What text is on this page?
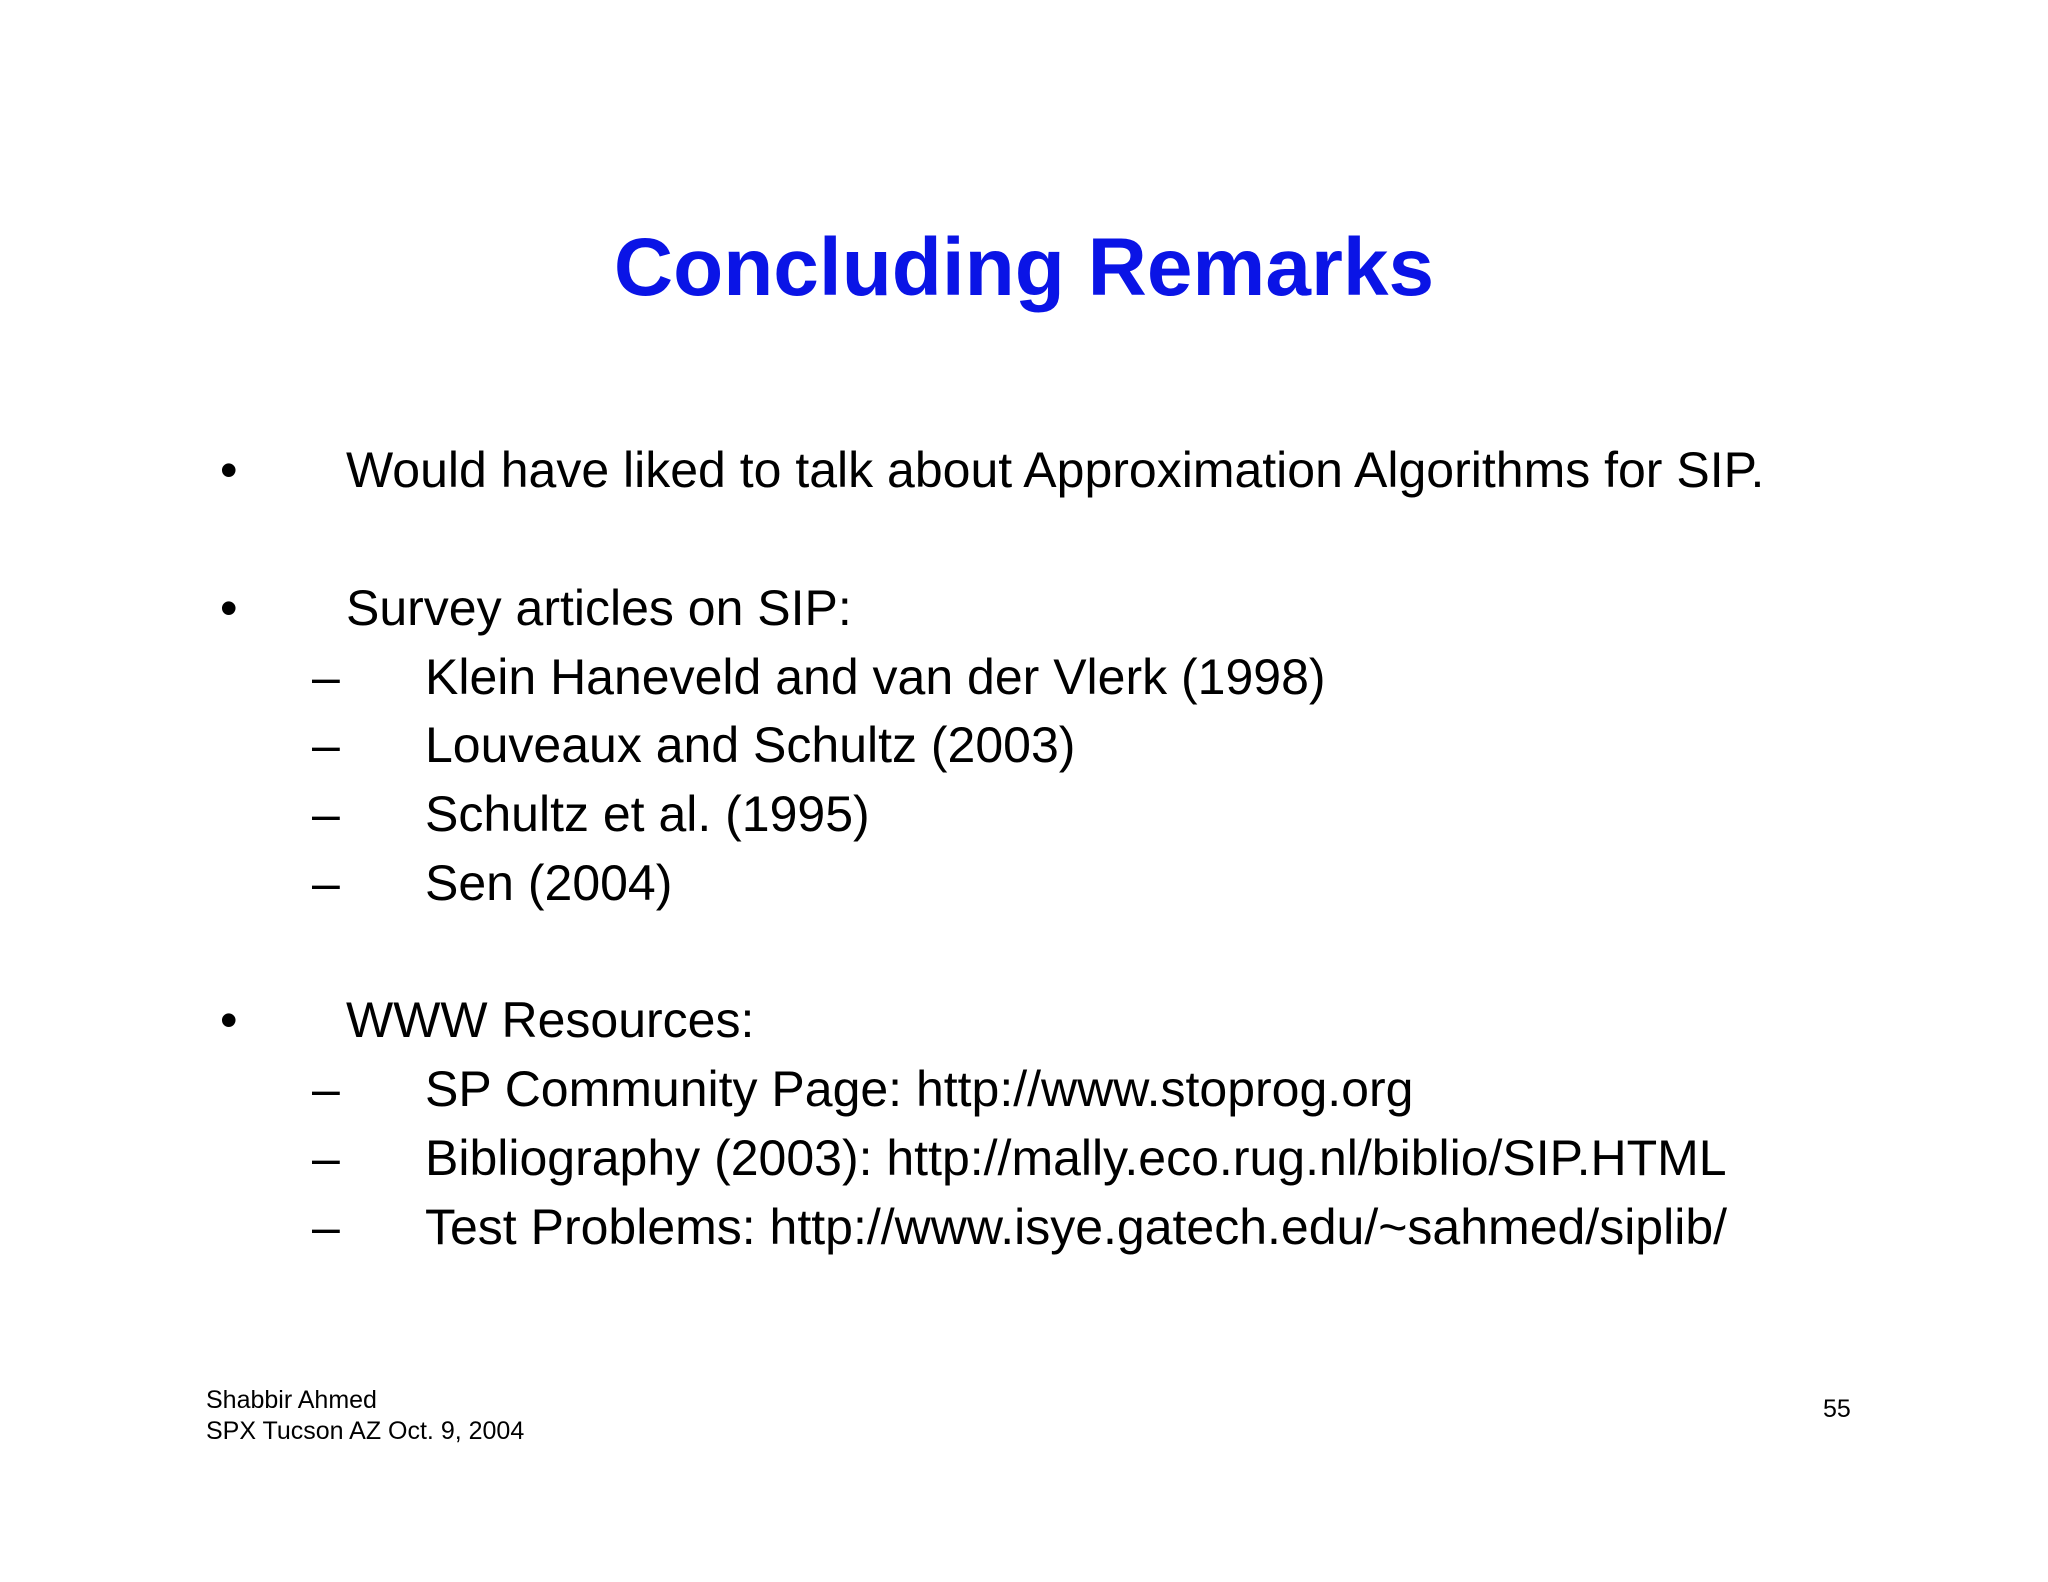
Concluding Remarks
• Would have liked to talk about Approximation Algorithms for SIP.
• Survey articles on SIP:
– Klein Haneveld and van der Vlerk (1998)
– Louveaux and Schultz (2003)
– Schultz et al. (1995)
– Sen (2004)
• WWW Resources:
– SP Community Page: http://www.stoprog.org
– Bibliography (2003): http://mally.eco.rug.nl/biblio/SIP.HTML
– Test Problems: http://www.isye.gatech.edu/~sahmed/siplib/
Shabbir Ahmed
SPX Tucson AZ Oct. 9, 2004
55
